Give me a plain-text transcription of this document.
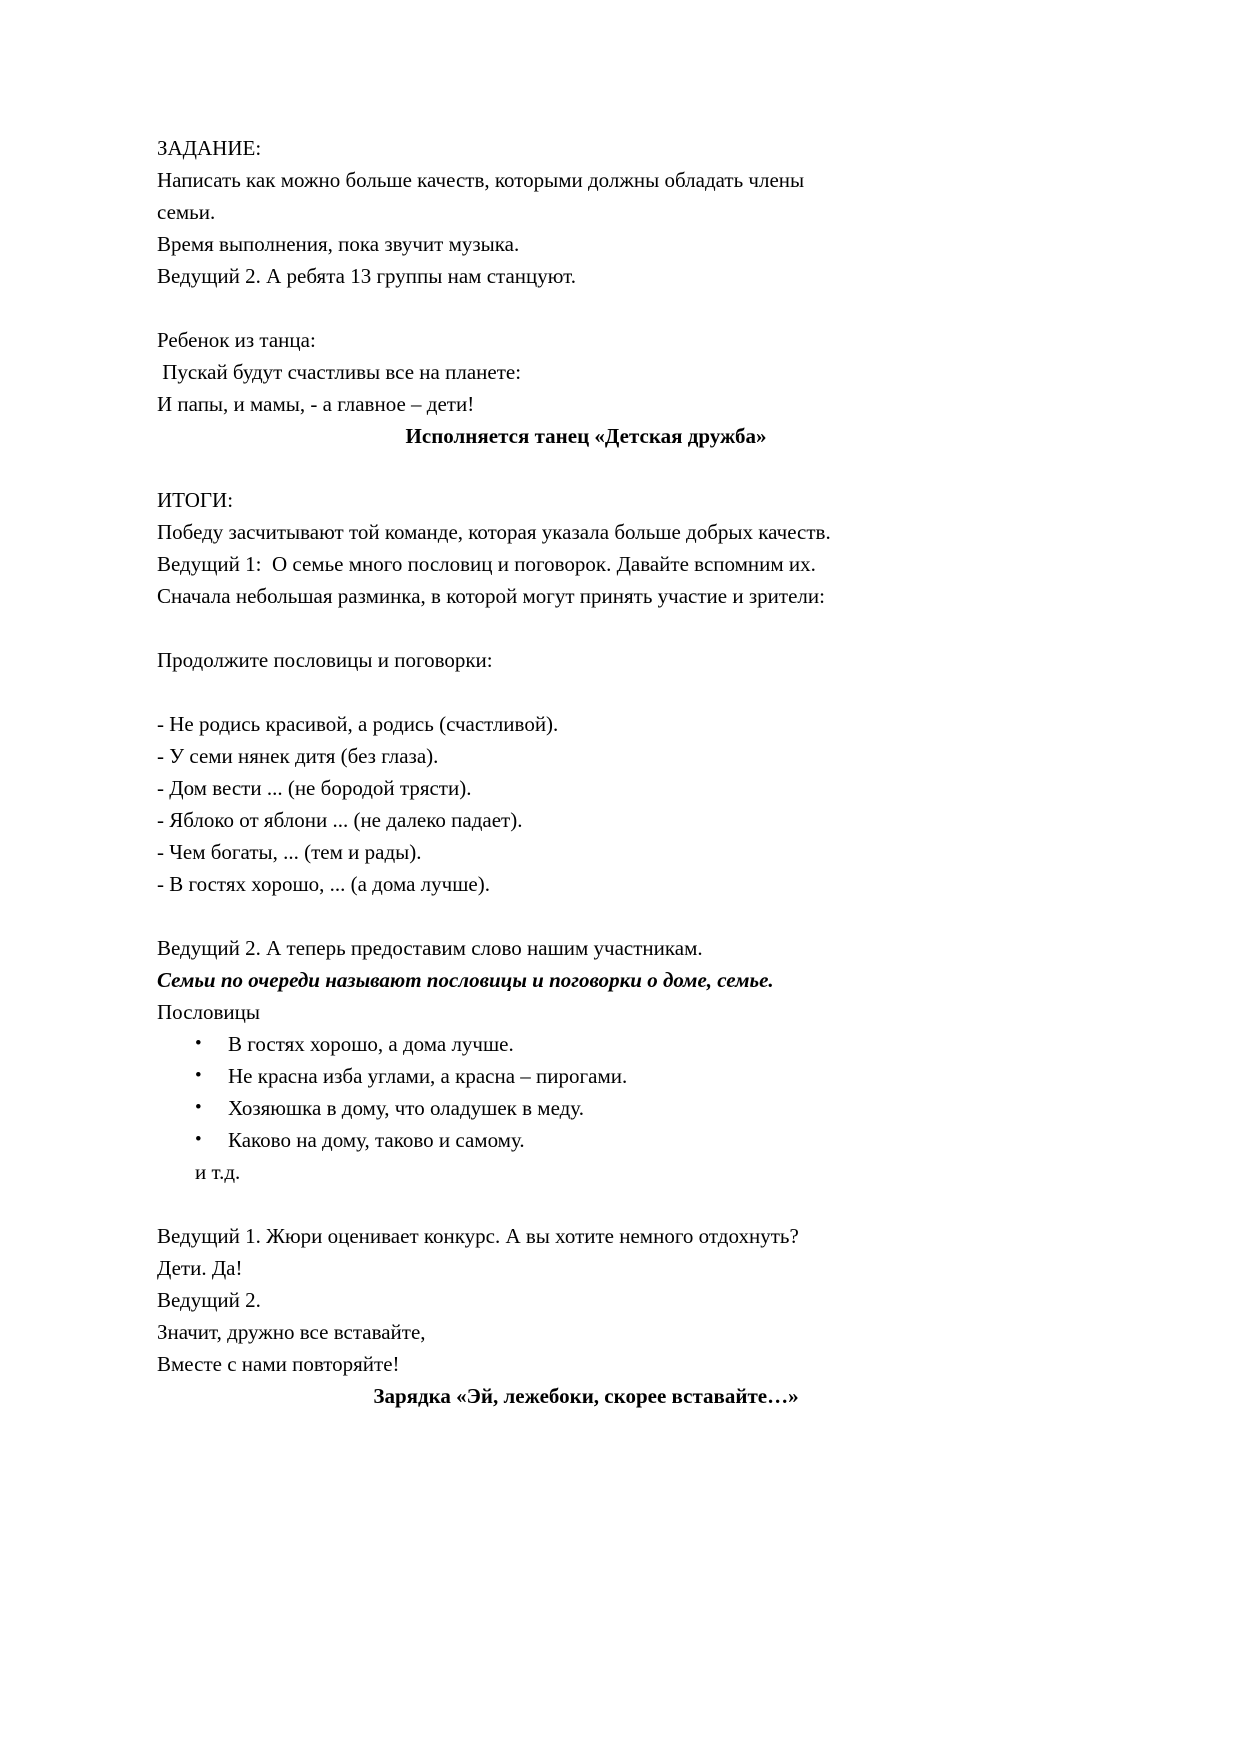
ЗАДАНИЕ:
Написать как можно больше качеств, которыми должны обладать члены
семьи.
Время выполнения, пока звучит музыка.
Ведущий 2. А ребята 13 группы нам станцуют.

Ребенок из танца:
Пускай будут счастливы все на планете:
И папы, и мамы, - а главное – дети!
Исполняется танец «Детская дружба»

ИТОГИ:
Победу засчитывают той команде, которая указала больше добрых качеств.
Ведущий 1:  О семье много пословиц и поговорок. Давайте вспомним их.
Сначала небольшая разминка, в которой могут принять участие и зрители:

Продолжите пословицы и поговорки:

- Не родись красивой, а родись (счастливой).
- У семи нянек дитя (без глаза).
- Дом вести ... (не бородой трясти).
- Яблоко от яблони ... (не далеко падает).
- Чем богаты, ... (тем и рады).
- В гостях хорошо, ... (а дома лучше).

Ведущий 2. А теперь предоставим слово нашим участникам.
Семьи по очереди называют пословицы и поговорки о доме, семье.
Пословицы
• В гостях хорошо, а дома лучше.
• Не красна изба углами, а красна – пирогами.
• Хозяюшка в дому, что оладушек в меду.
• Каково на дому, таково и самому.
и т.д.

Ведущий 1. Жюри оценивает конкурс. А вы хотите немного отдохнуть?
Дети. Да!
Ведущий 2.
Значит, дружно все вставайте,
Вместе с нами повторяйте!
Зарядка «Эй, лежебоки, скорее вставайте…»
